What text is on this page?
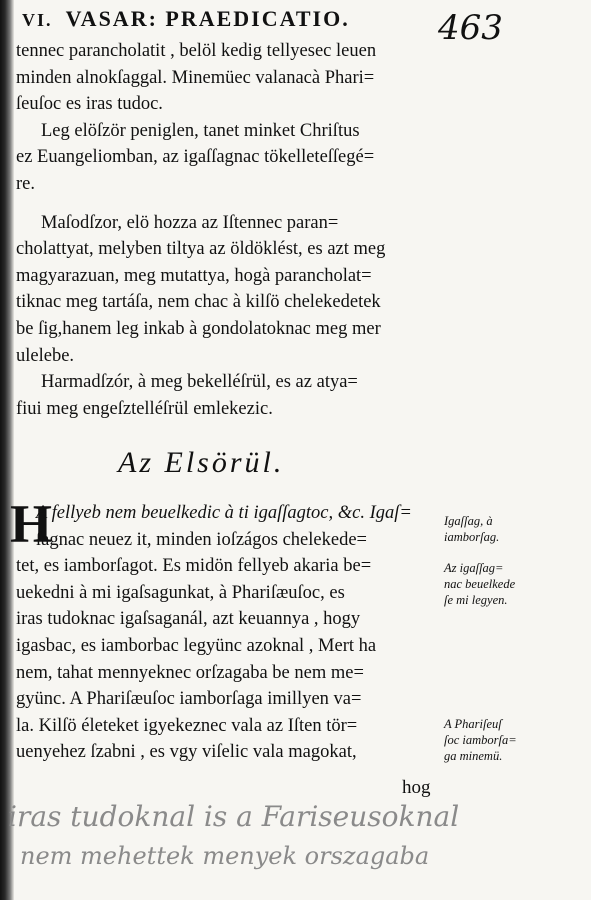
VI. VASAR: PRAEDICATIO.	463
tennec parancholatit , belöl kedig tellyesec leuen
minden alnokſaggal. Minemüec valanacà Phari=
ſeuſoc es iras tudoc.
Leg elöſzör peniglen, tanet minket Chriſtus
ez Euangeliomban, az igaſſagnac tökelleteſſegé=
re.
Maſodſzor, elö hozza az Iſtennec paran=
cholattyat, melyben tiltya az öldöklést, es azt meg
magyarazuan, meg mutattya, hogà parancholat=
tiknac meg tartáſa, nem chac à kilſö chelekedetek
be ſig,hanem leg inkab à gondolatoknac meg mer
ulelebe.
Harmadſzór, à meg bekelléſrül, es az atya=
fiui meg engeſztelléſrül emlekezic.
Az Elsörül.
H
A fellyeb nem beuelkedic à ti igaſſagtoc, &c. Igaſ=
ſagnac neuez it, minden ioſzágos chelekede=
tet, es iamborſagot. Es midön fellyeb akaria be=
uekedni à mi igaſsagunkat, à Phariſæuſoc, es
iras tudoknac igaſsaganál, azt keuannya , hogy
igasbac, es iamborbac legyünc azoknal , Mert ha
nem, tahat mennyeknec orſzagaba be nem me=
gyünc. A Phariſæuſoc iamborſaga imillyen va=
la. Kilſö életeket igyekeznec vala az Iſten tör=
uenyehez ſzabni , es vgy viſelic vala magokat,
Igaſſag, à
iamborſag.
Az igaſſag=
nac beuelkede
ſe mi legyen.
A Phariſeuſ
ſoc iamborſa=
ga minemü.
hog
iras tudoknal is a Fariseusoknal
nem mehettek menyek orszagaba
